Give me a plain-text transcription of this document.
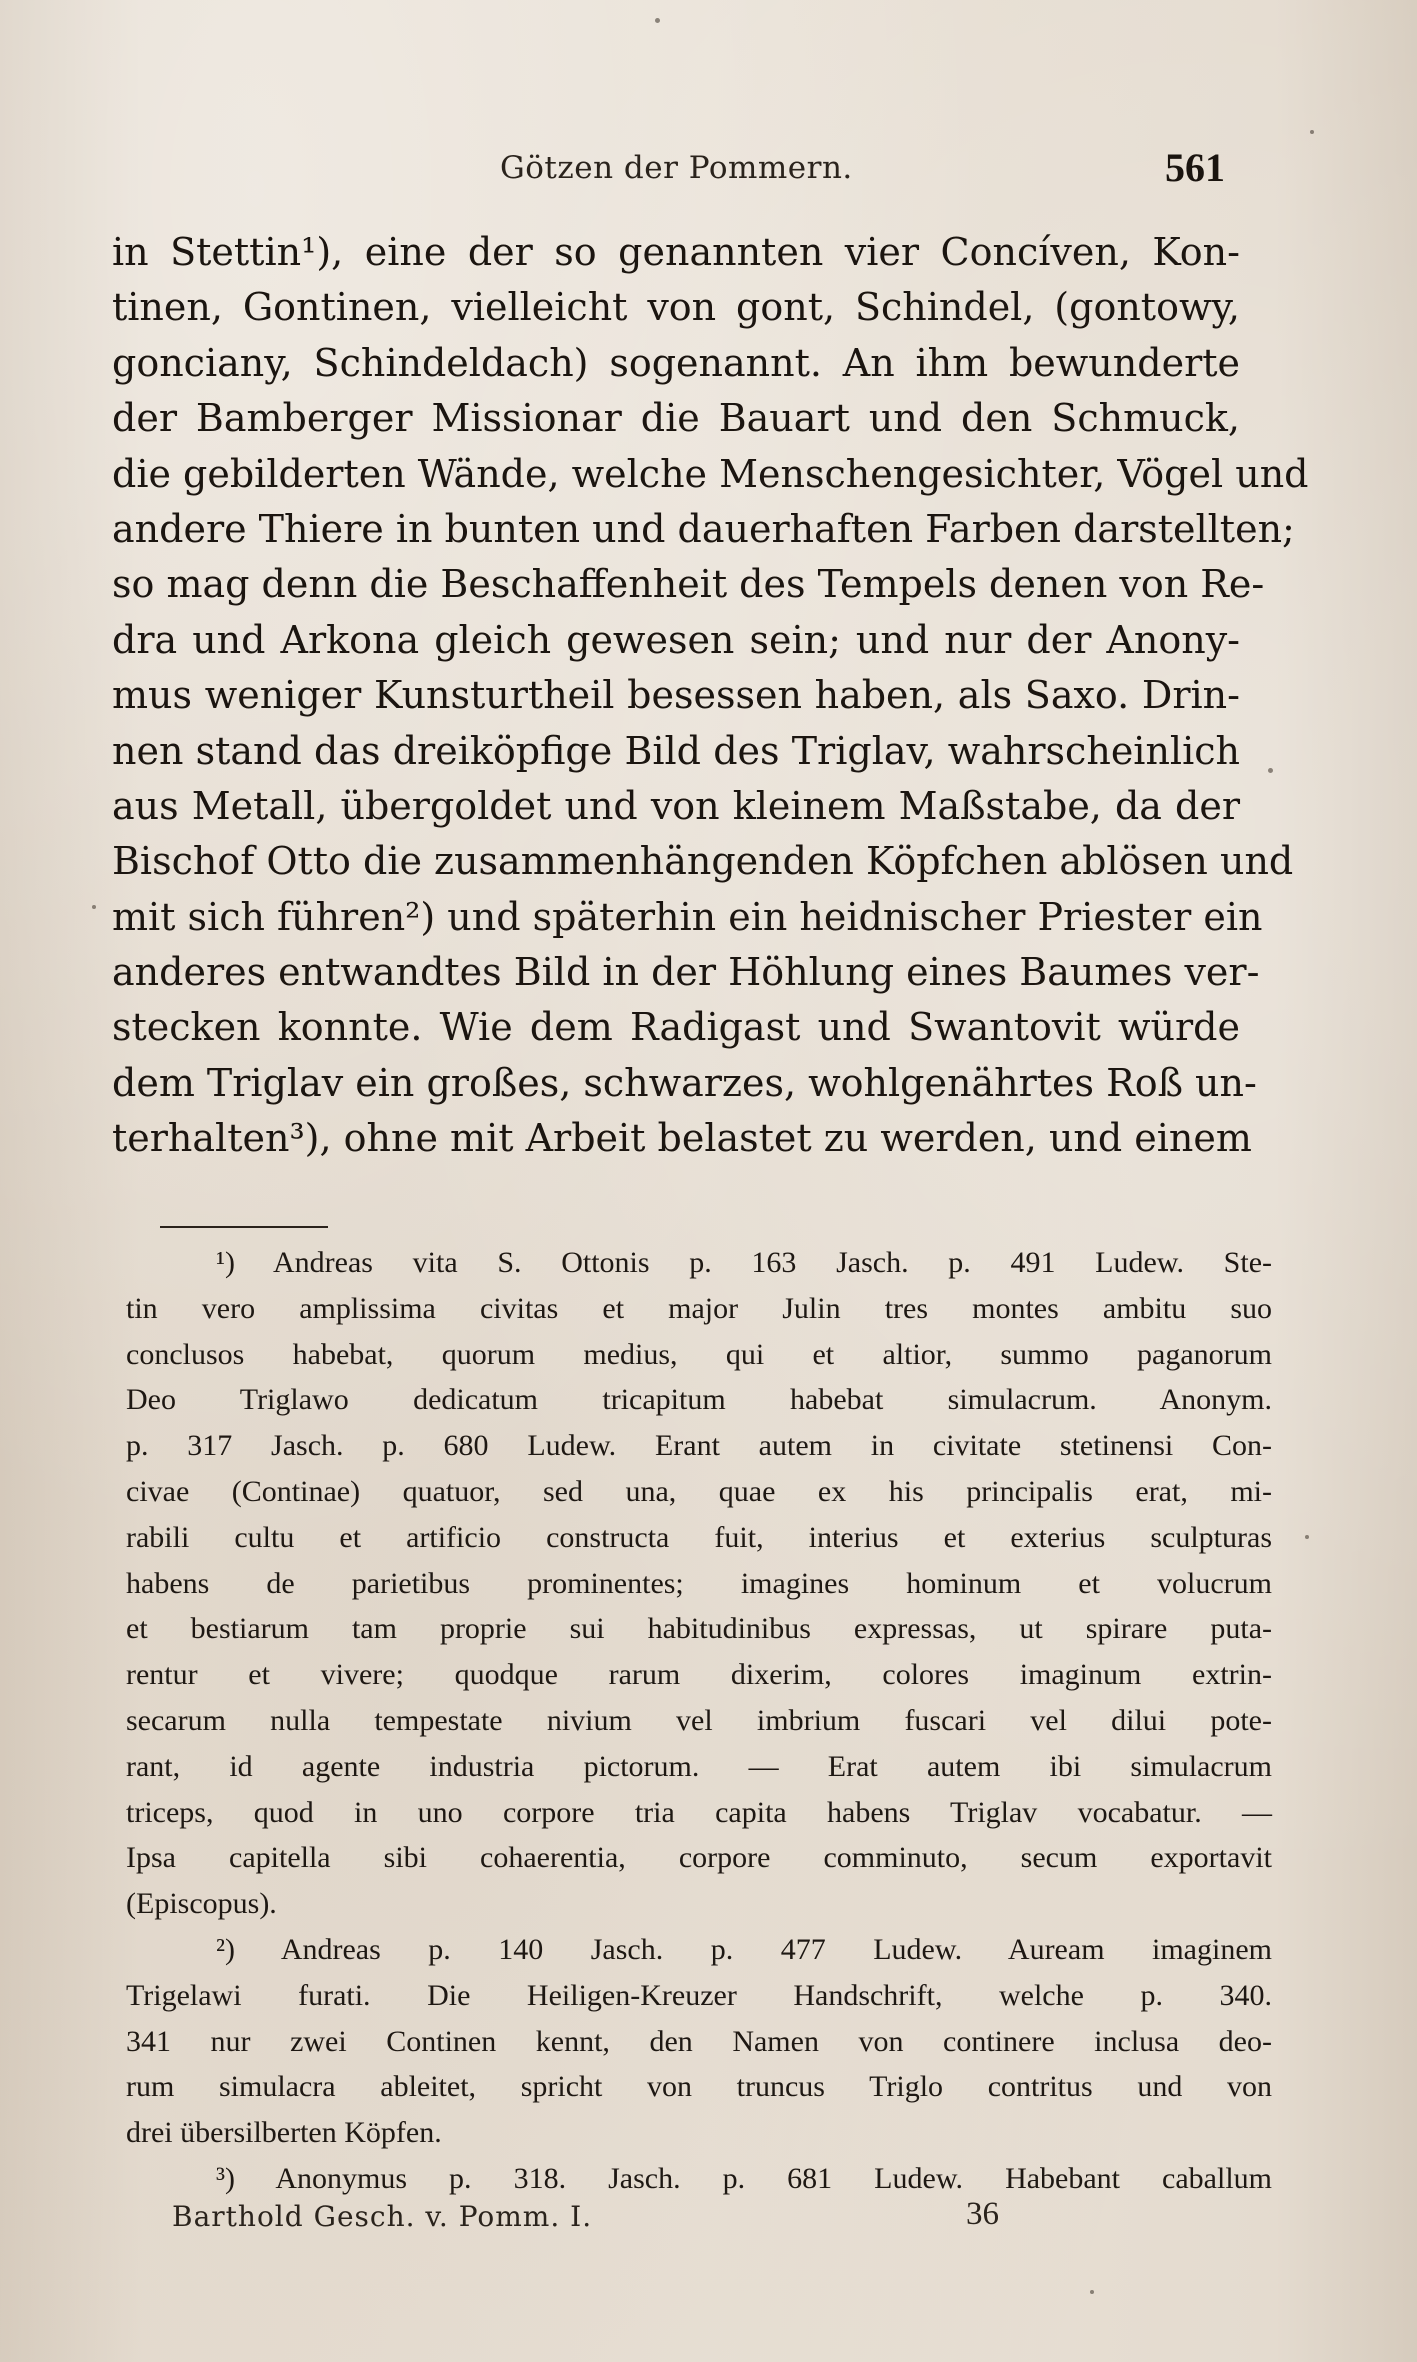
Götzen der Pommern.	561
in Stettin¹), eine der so genannten vier Concíven, Kon-
tinen, Gontinen, vielleicht von gont, Schindel, (gontowy,
gonciany, Schindeldach) sogenannt. An ihm bewunderte
der Bamberger Missionar die Bauart und den Schmuck,
die gebilderten Wände, welche Menschengesichter, Vögel und
andere Thiere in bunten und dauerhaften Farben darstellten;
so mag denn die Beschaffenheit des Tempels denen von Re-
dra und Arkona gleich gewesen sein; und nur der Anony-
mus weniger Kunsturtheil besessen haben, als Saxo. Drin-
nen stand das dreiköpfige Bild des Triglav, wahrscheinlich
aus Metall, übergoldet und von kleinem Maßstabe, da der
Bischof Otto die zusammenhängenden Köpfchen ablösen und
mit sich führen²) und späterhin ein heidnischer Priester ein
anderes entwandtes Bild in der Höhlung eines Baumes ver-
stecken konnte. Wie dem Radigast und Swantovit würde
dem Triglav ein großes, schwarzes, wohlgenährtes Roß un-
terhalten³), ohne mit Arbeit belastet zu werden, und einem
¹) Andreas vita S. Ottonis p. 163 Jasch. p. 491 Ludew. Ste-
tin vero amplissima civitas et major Julin tres montes ambitu suo
conclusos habebat, quorum medius, qui et altior, summo paganorum
Deo Triglawo dedicatum tricapitum habebat simulacrum. Anonym.
p. 317 Jasch. p. 680 Ludew. Erant autem in civitate stetinensi Con-
civae (Continae) quatuor, sed una, quae ex his principalis erat, mi-
rabili cultu et artificio constructa fuit, interius et exterius sculpturas
habens de parietibus prominentes; imagines hominum et volucrum
et bestiarum tam proprie sui habitudinibus expressas, ut spirare puta-
rentur et vivere; quodque rarum dixerim, colores imaginum extrin-
secarum nulla tempestate nivium vel imbrium fuscari vel dilui pote-
rant, id agente industria pictorum. — Erat autem ibi simulacrum
triceps, quod in uno corpore tria capita habens Triglav vocabatur. —
Ipsa capitella sibi cohaerentia, corpore comminuto, secum exportavit
(Episcopus).
²) Andreas p. 140 Jasch. p. 477 Ludew. Auream imaginem
Trigelawi furati. Die Heiligen-Kreuzer Handschrift, welche p. 340.
341 nur zwei Continen kennt, den Namen von continere inclusa deo-
rum simulacra ableitet, spricht von truncus Triglo contritus und von
drei übersilberten Köpfen.
³) Anonymus p. 318. Jasch. p. 681 Ludew. Habebant caballum
Barthold Gesch. v. Pomm. I.	36
